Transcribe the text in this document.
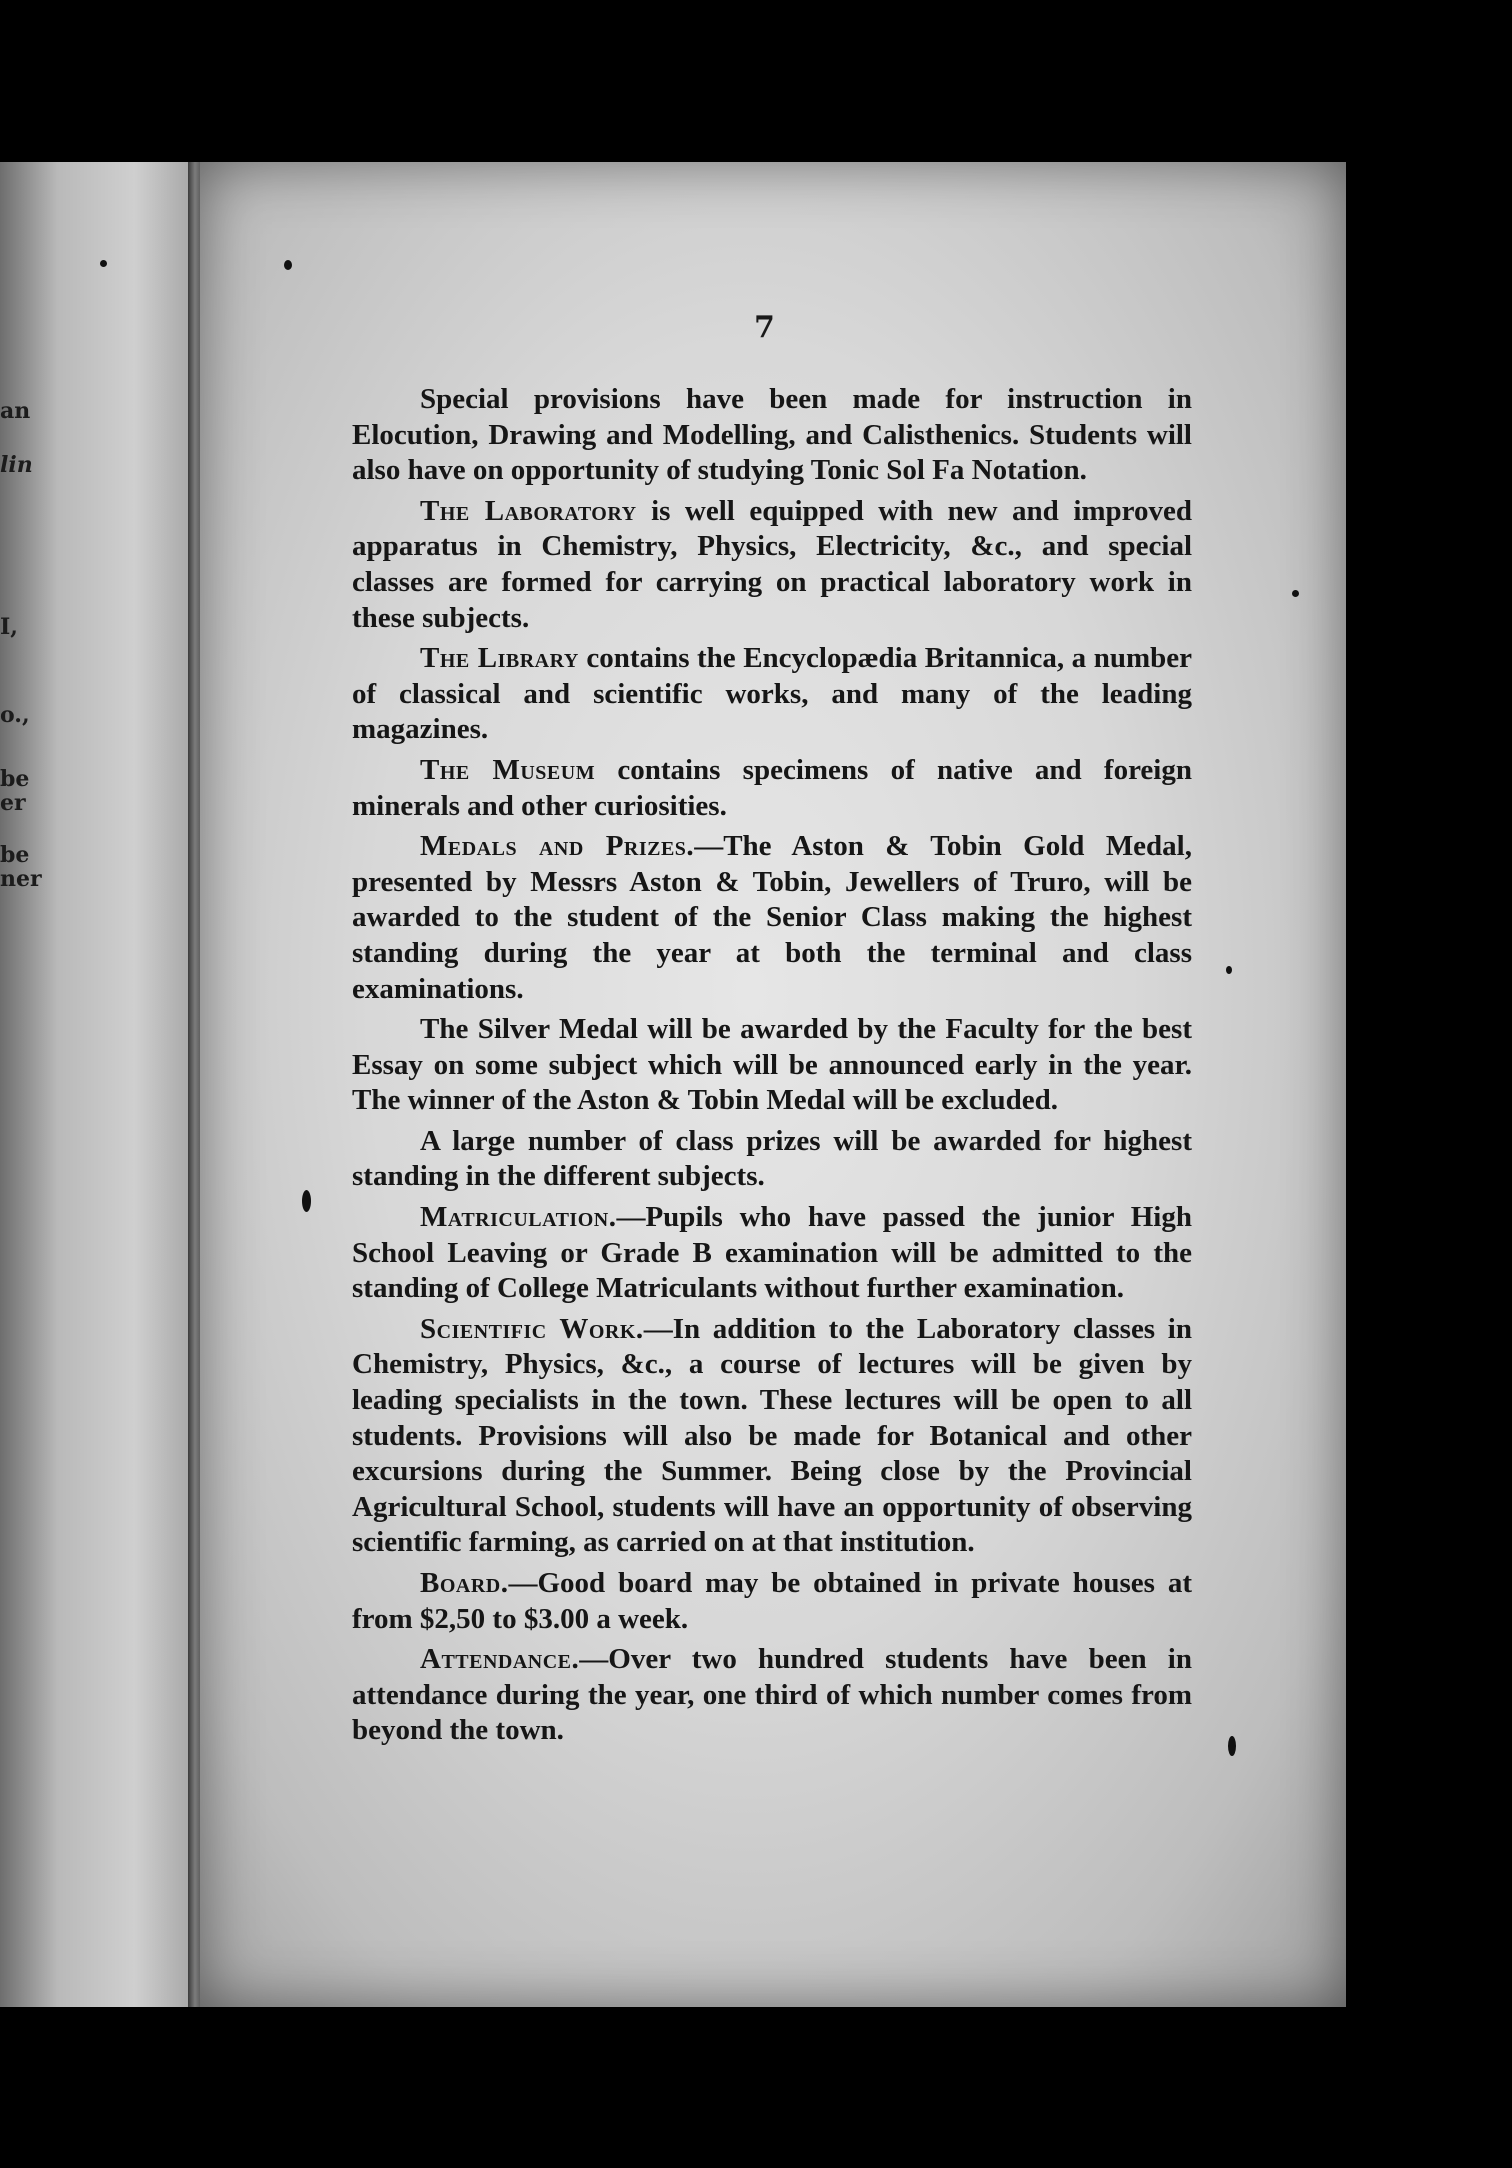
an
lin
I,
o.,
be
er
be
ner
7

Special provisions have been made for instruction in Elocution, Drawing and Modelling, and Calisthenics. Students will also have on opportunity of studying Tonic Sol Fa Notation.

The Laboratory is well equipped with new and improved apparatus in Chemistry, Physics, Electricity, &c., and special classes are formed for carrying on practical laboratory work in these subjects.

The Library contains the Encyclopædia Britannica, a number of classical and scientific works, and many of the leading magazines.

The Museum contains specimens of native and foreign minerals and other curiosities.

Medals and Prizes.—The Aston & Tobin Gold Medal, presented by Messrs Aston & Tobin, Jewellers of Truro, will be awarded to the student of the Senior Class making the highest standing during the year at both the terminal and class examinations.

The Silver Medal will be awarded by the Faculty for the best Essay on some subject which will be announced early in the year. The winner of the Aston & Tobin Medal will be excluded.

A large number of class prizes will be awarded for highest standing in the different subjects.

Matriculation.—Pupils who have passed the junior High School Leaving or Grade B examination will be admitted to the standing of College Matriculants without further examination.

Scientific Work.—In addition to the Laboratory classes in Chemistry, Physics, &c., a course of lectures will be given by leading specialists in the town. These lectures will be open to all students. Provisions will also be made for Botanical and other excursions during the Summer. Being close by the Provincial Agricultural School, students will have an opportunity of observing scientific farming, as carried on at that institution.

Board.—Good board may be obtained in private houses at from $2,50 to $3.00 a week.

Attendance.—Over two hundred students have been in attendance during the year, one third of which number comes from beyond the town.
